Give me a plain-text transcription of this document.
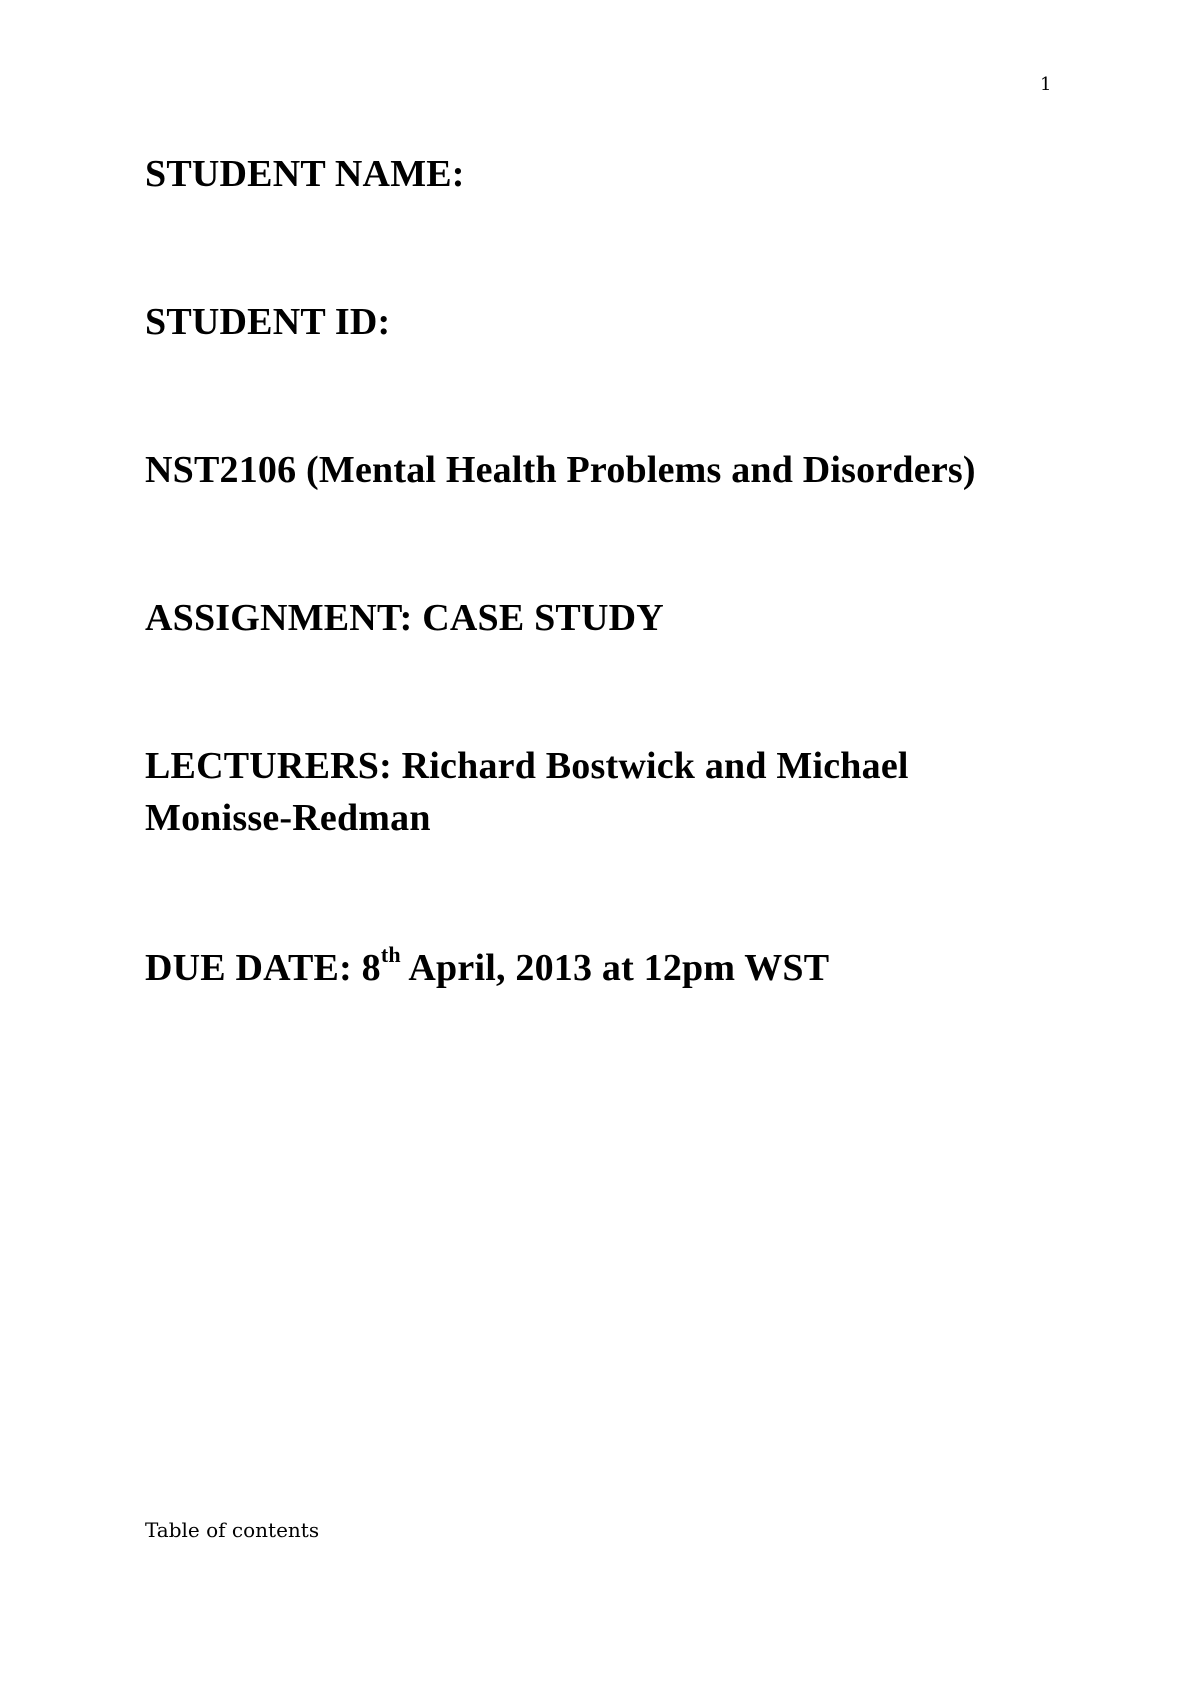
1
STUDENT NAME:
STUDENT ID:
NST2106 (Mental Health Problems and Disorders)
ASSIGNMENT: CASE STUDY
LECTURERS: Richard Bostwick and Michael
Monisse-Redman
DUE DATE: 8th April, 2013 at 12pm WST
Table of contents
